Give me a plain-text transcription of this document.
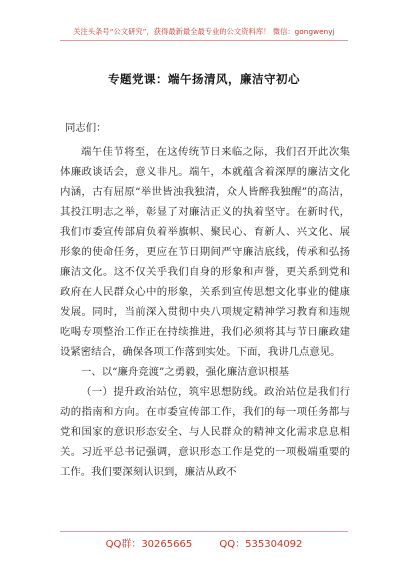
关注头条号“公文研究”，获得最新最全最专业的公文资料库！ 微信：gongwenyj
专题党课：端午扬清风，廉洁守初心

同志们：

端午佳节将至，在这传统节日来临之际，我们召开此次集体廉政谈话会，意义非凡。端午，本就蕴含着深厚的廉洁文化内涵，古有屈原“举世皆浊我独清，众人皆醉我独醒”的高洁，其投江明志之举，彰显了对廉洁正义的执着坚守。在新时代，我们市委宣传部肩负着举旗帜、聚民心、育新人、兴文化、展形象的使命任务，更应在节日期间严守廉洁底线，传承和弘扬廉洁文化。这不仅关乎我们自身的形象和声誉，更关系到党和政府在人民群众心中的形象，关系到宣传思想文化事业的健康发展。同时，当前深入贯彻中央八项规定精神学习教育和违规吃喝专项整治工作正在持续推进，我们必须将其与节日廉政建设紧密结合，确保各项工作落到实处。下面，我讲几点意见。

一、以“廉舟竞渡”之勇毅，强化廉洁意识根基

（一）提升政治站位，筑牢思想防线。政治站位是我们行动的指南和方向。在市委宣传部工作，我们的每一项任务都与党和国家的意识形态安全、与人民群众的精神文化需求息息相关。习近平总书记强调，意识形态工作是党的一项极端重要的工作。我们要深刻认识到，廉洁从政不

QQ群：30265665	QQ：535304092
